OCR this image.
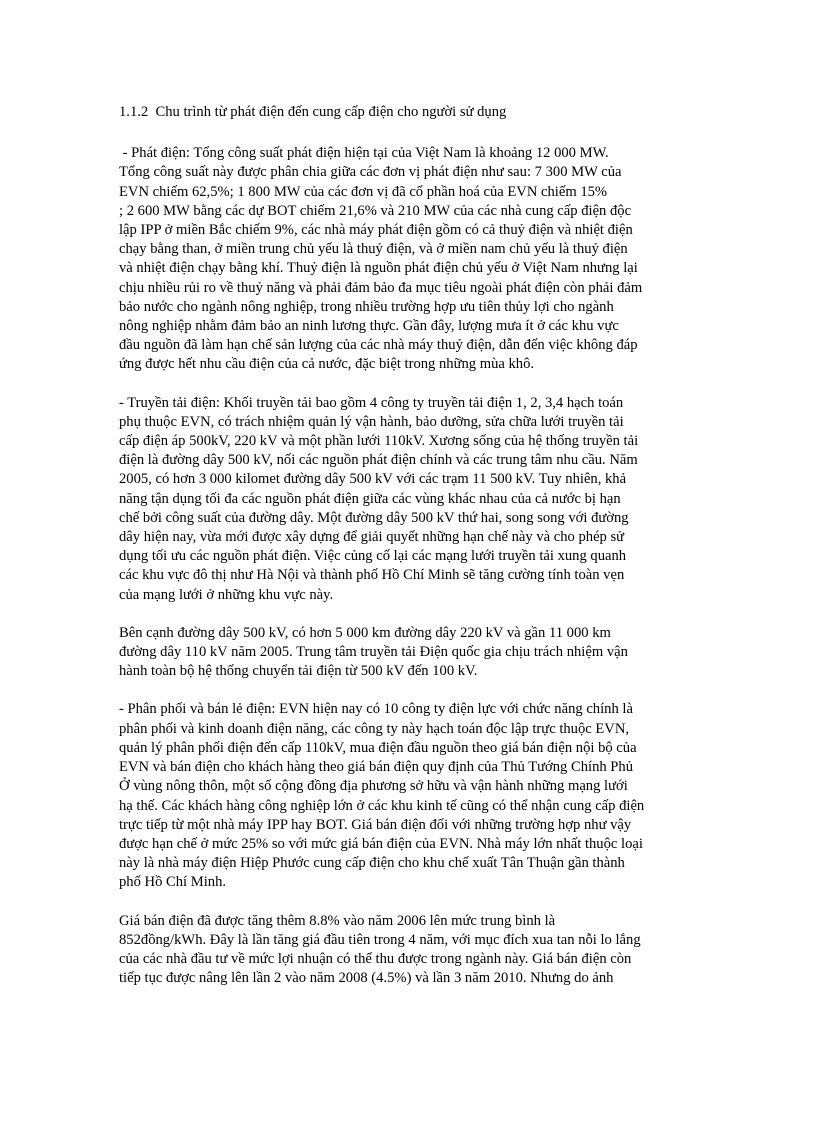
1.1.2  Chu trình từ phát điện đến cung cấp điện cho người sử dụng
- Phát điện: Tổng công suất phát điện hiện tại của Việt Nam là khoảng 12 000 MW.
Tổng công suất này được phân chia giữa các đơn vị phát điện như sau: 7 300 MW của
EVN chiếm 62,5%; 1 800 MW của các đơn vị đã cổ phần hoá của EVN chiếm 15%
; 2 600 MW bằng các dự BOT chiếm 21,6% và 210 MW của các nhà cung cấp điện độc
lập IPP ở miền Bắc chiếm 9%, các nhà máy phát điện gồm có cả thuỷ điện và nhiệt điện
chạy bằng than, ở miền trung chủ yếu là thuỷ điện, và ở miền nam chủ yếu là thuỷ điện
và nhiệt điện chạy bằng khí. Thuỷ điện là nguồn phát điện chủ yếu ở Việt Nam nhưng lại
chịu nhiều rủi ro về thuỷ năng và phải đảm bảo đa mục tiêu ngoài phát điện còn phải đảm
bảo nước cho ngành nông nghiệp, trong nhiều trường hợp ưu tiên thủy lợi cho ngành
nông nghiệp nhằm đảm bảo an ninh lương thực. Gần đây, lượng mưa ít ở các khu vực
đầu nguồn đã làm hạn chế sản lượng của các nhà máy thuỷ điện, dẫn đến việc không đáp
ứng được hết nhu cầu điện của cả nước, đặc biệt trong những mùa khô.
- Truyền tải điện: Khối truyền tải bao gồm 4 công ty truyền tải điện 1, 2, 3,4 hạch toán
phụ thuộc EVN, có trách nhiệm quản lý vận hành, bảo dưỡng, sửa chữa lưới truyền tải
cấp điện áp 500kV, 220 kV và một phần lưới 110kV. Xương sống của hệ thống truyền tải
điện là đường dây 500 kV, nối các nguồn phát điện chính và các trung tâm nhu cầu. Năm
2005, có hơn 3 000 kilomet đường dây 500 kV với các trạm 11 500 kV. Tuy nhiên, khả
năng tận dụng tối đa các nguồn phát điện giữa các vùng khác nhau của cả nước bị hạn
chế bởi công suất của đường dây. Một đường dây 500 kV thứ hai, song song với đường
dây hiện nay, vừa mới được xây dựng để giải quyết những hạn chế này và cho phép sử
dụng tối ưu các nguồn phát điện. Việc củng cố lại các mạng lưới truyền tải xung quanh
các khu vực đô thị như Hà Nội và thành phố Hồ Chí Minh sẽ tăng cường tính toàn vẹn
của mạng lưới ở những khu vực này.
Bên cạnh đường dây 500 kV, có hơn 5 000 km đường dây 220 kV và gần 11 000 km
đường dây 110 kV năm 2005. Trung tâm truyền tải Điện quốc gia chịu trách nhiệm vận
hành toàn bộ hệ thống chuyển tải điện từ 500 kV đến 100 kV.
- Phân phối và bán lẻ điện: EVN hiện nay có 10 công ty điện lực với chức năng chính là
phân phối và kinh doanh điện năng, các công ty này hạch toán độc lập trực thuộc EVN,
quản lý phân phối điện đến cấp 110kV, mua điện đầu nguồn theo giá bán điện nội bộ của
EVN và bán điện cho khách hàng theo giá bán điện quy định của Thủ Tướng Chính Phủ
Ở vùng nông thôn, một số cộng đồng địa phương sở hữu và vận hành những mạng lưới
hạ thế. Các khách hàng công nghiệp lớn ở các khu kinh tế cũng có thể nhận cung cấp điện
trực tiếp từ một nhà máy IPP hay BOT. Giá bán điện đối với những trường hợp như vậy
được hạn chế ở mức 25% so với mức giá bán điện của EVN. Nhà máy lớn nhất thuộc loại
này là nhà máy điện Hiệp Phước cung cấp điện cho khu chế xuất Tân Thuận gần thành
phố Hồ Chí Minh.
Giá bán điện đã được tăng thêm 8.8% vào năm 2006 lên mức trung bình là
852đồng/kWh. Đây là lần tăng giá đầu tiên trong 4 năm, với mục đích xua tan nỗi lo lắng
của các nhà đầu tư về mức lợi nhuận có thể thu được trong ngành này. Giá bán điện còn
tiếp tục được nâng lên lần 2 vào năm 2008 (4.5%) và lần 3 năm 2010. Nhưng do ảnh
